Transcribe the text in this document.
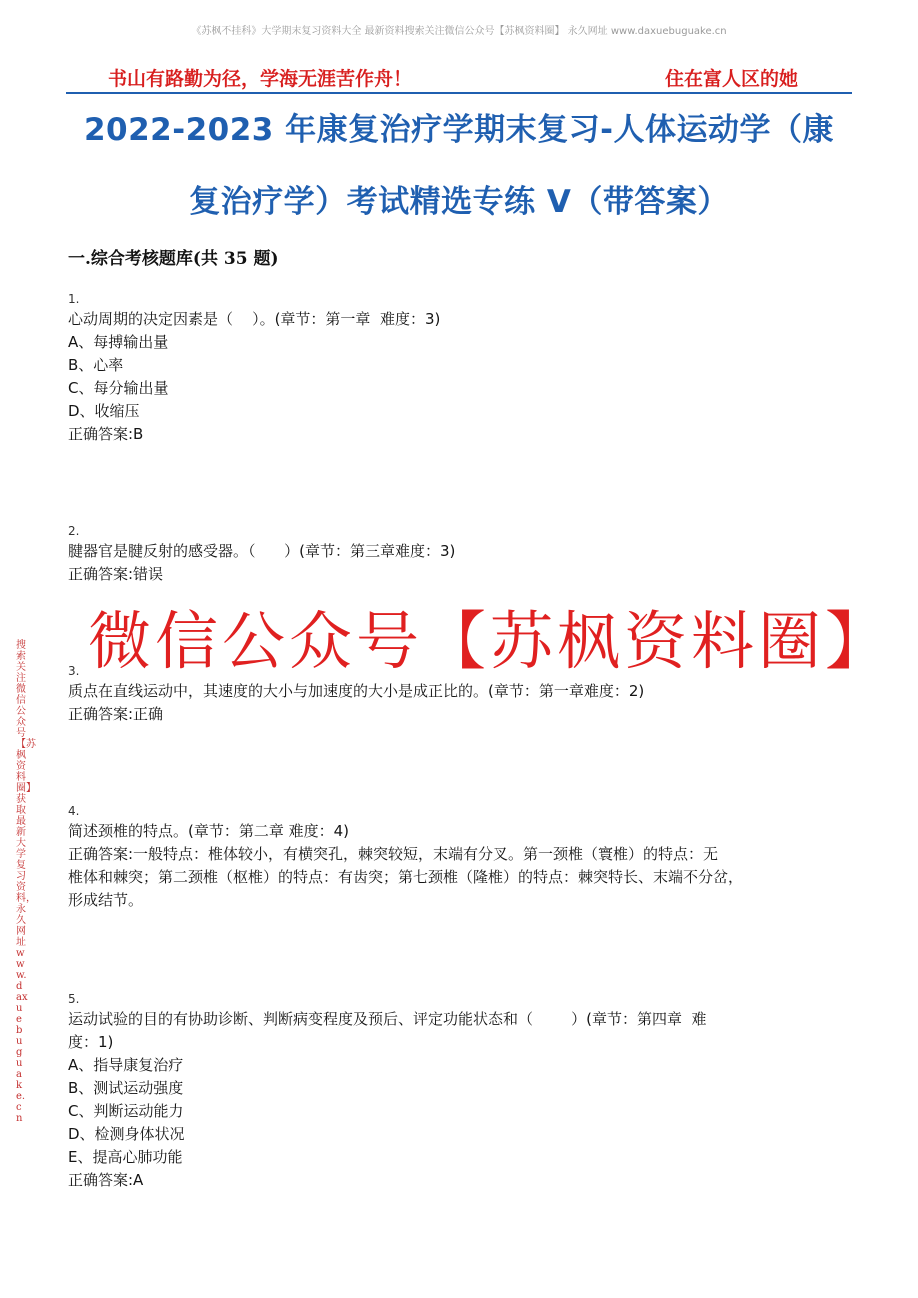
《苏枫不挂科》大学期末复习资料大全 最新资料搜索关注微信公众号【苏枫资料圈】 永久网址 www.daxuebuguake.cn
书山有路勤为径，学海无涯苦作舟！	住在富人区的她
2022-2023 年康复治疗学期末复习-人体运动学（康
复治疗学）考试精选专练 V（带答案）
一.综合考核题库(共 35 题)
1.
心动周期的决定因素是（    ）。(章节：第一章  难度：3)
A、每搏输出量
B、心率
C、每分输出量
D、收缩压
正确答案:B
2.
腱器官是腱反射的感受器。（      ）(章节：第三章难度：3)
正确答案:错误
微信公众号【苏枫资料圈】
3.
质点在直线运动中，其速度的大小与加速度的大小是成正比的。(章节：第一章难度：2)
正确答案:正确
4.
简述颈椎的特点。(章节：第二章 难度：4)
正确答案:一般特点：椎体较小，有横突孔，棘突较短，末端有分叉。第一颈椎（寰椎）的特点：无
椎体和棘突；第二颈椎（枢椎）的特点：有齿突；第七颈椎（隆椎）的特点：棘突特长、末端不分岔，
形成结节。
5.
运动试验的目的有协助诊断、判断病变程度及预后、评定功能状态和（        ）(章节：第四章  难
度：1)
A、指导康复治疗
B、测试运动强度
C、判断运动能力
D、检测身体状况
E、提高心肺功能
正确答案:A
搜索关注微信公众号【苏枫资料圈】 获取最新大学复习资料，永久网址 www.daxuebuguake.cn
